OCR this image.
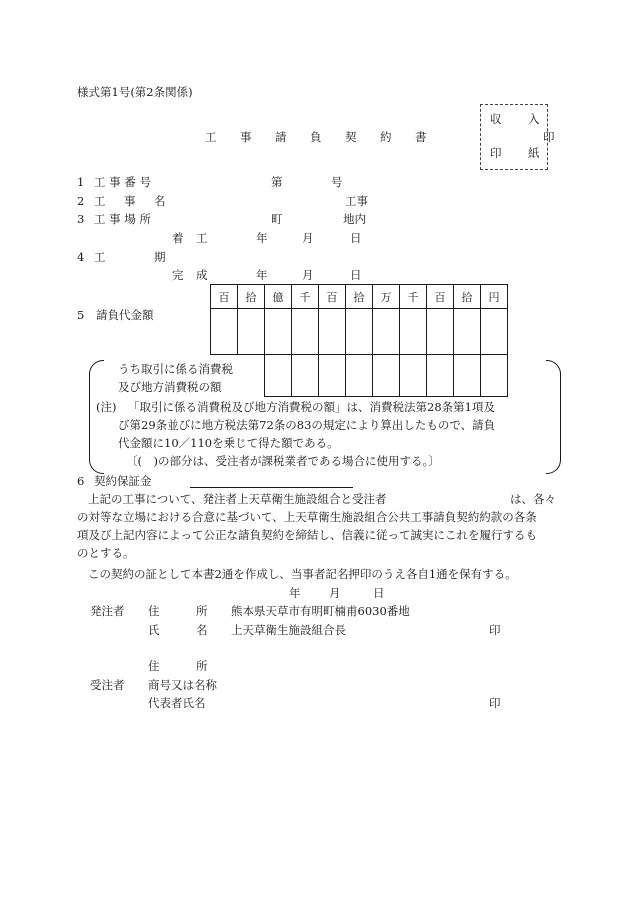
様式第1号(第2条関係)
収 入
印
印 紙
工 事 請 負 契 約 書
1 工 事 番 号	第	号
2 工 事 名	工事
3 工 事 場 所	町	地内
着 工	年	月	日
4 工	期
完 成	年	月	日
5 請負代金額
百	拾	億	千	百	拾	万	千	百	拾	円

うち取引に係る消費税
及び地方消費税の額
(注) 「取引に係る消費税及び地方消費税の額」は、消費税法第28条第1項及
び第29条並びに地方税法第72条の83の規定により算出したもので、請負
代金額に10／110を乗じて得た額である。
〔(　)の部分は、受注者が課税業者である場合に使用する。〕
6 契約保証金
上記の工事について、発注者上天草衛生施設組合と受注者	は、各々
の対等な立場における合意に基づいて、上天草衛生施設組合公共工事請負契約約款の各条
項及び上記内容によって公正な請負契約を締結し、信義に従って誠実にこれを履行するも
のとする。
この契約の証として本書2通を作成し、当事者記名押印のうえ各自1通を保有する。
年 月	日
発注者 住	所 熊本県天草市有明町楠甫6030番地
氏	名 上天草衛生施設組合長	印
住	所
受注者 商号又は名称
代表者氏名	印
